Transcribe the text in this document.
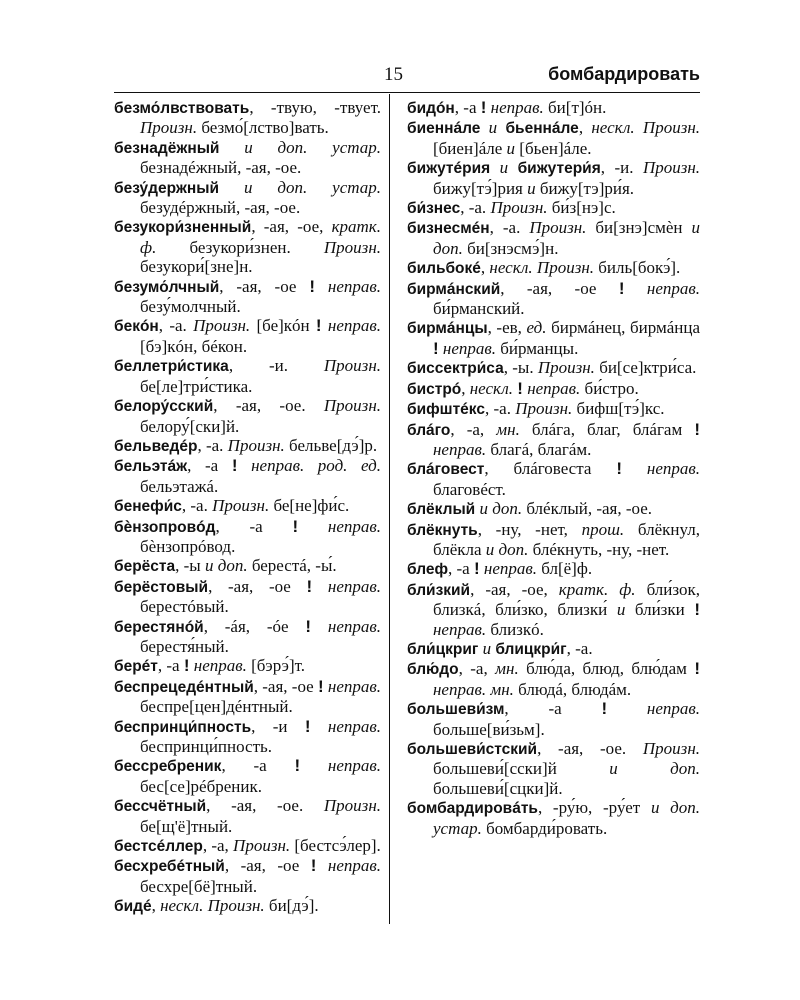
15	бомбардировать

безмо́лвствовать, -твую, -твует. Произн. безмо́[лство]вать.

безнадёжный и доп. устар. безнадéжный, -ая, -ое.

безу́держный и доп. устар. безудéржный, -ая, -ое.

безукори́зненный, -ая, -ое, кратк. ф. безукори́знен. Произн. безукори́[зне]н.

безумо́лчный, -ая, -ое ! неправ. безу́молчный.

бекóн, -а. Произн. [бе]кóн ! неправ. [бэ]кóн, бéкон.

беллетри́стика, -и. Произн. бе[ле]три́стика.

белору́сский, -ая, -ое. Произн. белору́[ски]й.

бельведéр, -а. Произн. бельве[дэ́]р.

бельэтáж, -а ! неправ. род. ед. бельэтажá.

бенефи́с, -а. Произн. бе[не]фи́с.

бѐнзопровóд, -а ! неправ. бѐнзопрóвод.

берёста, -ы и доп. берестá, -ы́.

берёстовый, -ая, -ое ! неправ. берестóвый.

берестянóй, -áя, -óе ! неправ. берестя́ный.

берéт, -а ! неправ. [бэрэ́]т.

беспрецедéнтный, -ая, -ое ! неправ. беспре[цен]дéнтный.

беспринци́пность, -и ! неправ. беспринци́пность.

бессребреник, -а ! неправ. бес[се]рéбреник.

бессчётный, -ая, -ое. Произн. бе[щ'ё]тный.

бестсéллер, -а, Произн. [бестсэ́лер].

бесхребéтный, -ая, -ое ! неправ. бесхре[бё]тный.

бидé, нескл. Произн. би[дэ́].

бидóн, -а ! неправ. би[т]óн.

биеннáле и бьеннáле, нескл. Произн. [биен]áле и [бьен]áле.

бижутéрия и бижутери́я, -и. Произн. бижу[тэ́]рия и бижу[тэ]ри́я.

би́знес, -а. Произн. би́з[нэ]с.

бизнесмéн, -а. Произн. би[знэ]смѐн и доп. би[знэсмэ́]н.

бильбокé, нескл. Произн. биль[бокэ́].

бирмáнский, -ая, -ое ! неправ. би́рманский.

бирмáнцы, -ев, ед. бирмáнец, бирмáнца ! неправ. би́рманцы.

биссектри́са, -ы. Произн. би[се]ктри́са.

бистрó, нескл. ! неправ. би́стро.

бифштéкс, -а. Произн. бифш[тэ́]кс.

блáго, -а, мн. блáга, благ, блáгам ! неправ. благá, благáм.

блáговест, блáговеста ! неправ. благовéст.

блёклый и доп. блéклый, -ая, -ое.

блёкнуть, -ну, -нет, прош. блёкнул, блёкла и доп. блéкнуть, -ну, -нет.

блеф, -а ! неправ. бл[ё]ф.

бли́зкий, -ая, -ое, кратк. ф. бли́зок, близкá, бли́зко, близки́ и бли́зки ! неправ. близкó.

бли́цкриг и блицкри́г, -а.

блю́до, -а, мн. блю́да, блюд, блю́дам ! неправ. мн. блюдá, блюдáм.

большеви́зм, -а ! неправ. больше[ви́зьм].

большеви́стский, -ая, -ое. Произн. большеви́[сски]й и доп. большеви́[сцки]й.

бомбардировáть, -ру́ю, -ру́ет и доп. устар. бомбарди́ровать.
